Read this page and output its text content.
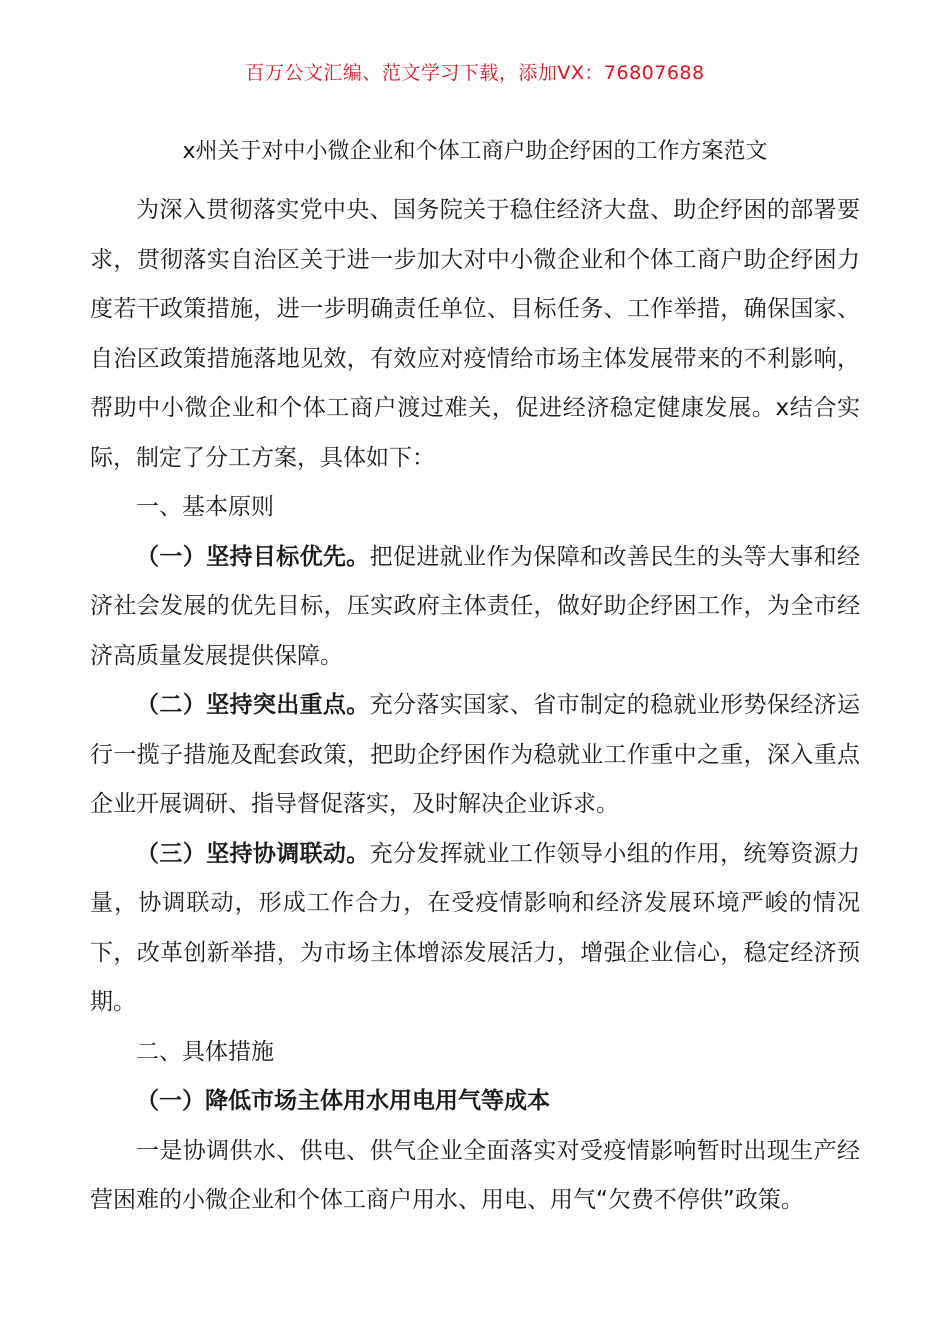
百万公文汇编、范文学习下载，添加VX：76807688
x州关于对中小微企业和个体工商户助企纾困的工作方案范文

为深入贯彻落实党中央、国务院关于稳住经济大盘、助企纾困的部署要求，贯彻落实自治区关于进一步加大对中小微企业和个体工商户助企纾困力度若干政策措施，进一步明确责任单位、目标任务、工作举措，确保国家、自治区政策措施落地见效，有效应对疫情给市场主体发展带来的不利影响，帮助中小微企业和个体工商户渡过难关，促进经济稳定健康发展。x结合实际，制定了分工方案，具体如下：

一、基本原则

（一）坚持目标优先。把促进就业作为保障和改善民生的头等大事和经济社会发展的优先目标，压实政府主体责任，做好助企纾困工作，为全市经济高质量发展提供保障。

（二）坚持突出重点。充分落实国家、省市制定的稳就业形势保经济运行一揽子措施及配套政策，把助企纾困作为稳就业工作重中之重，深入重点企业开展调研、指导督促落实，及时解决企业诉求。

（三）坚持协调联动。充分发挥就业工作领导小组的作用，统筹资源力量，协调联动，形成工作合力，在受疫情影响和经济发展环境严峻的情况下，改革创新举措，为市场主体增添发展活力，增强企业信心，稳定经济预期。

二、具体措施

（一）降低市场主体用水用电用气等成本

一是协调供水、供电、供气企业全面落实对受疫情影响暂时出现生产经营困难的小微企业和个体工商户用水、用电、用气“欠费不停供”政策。
